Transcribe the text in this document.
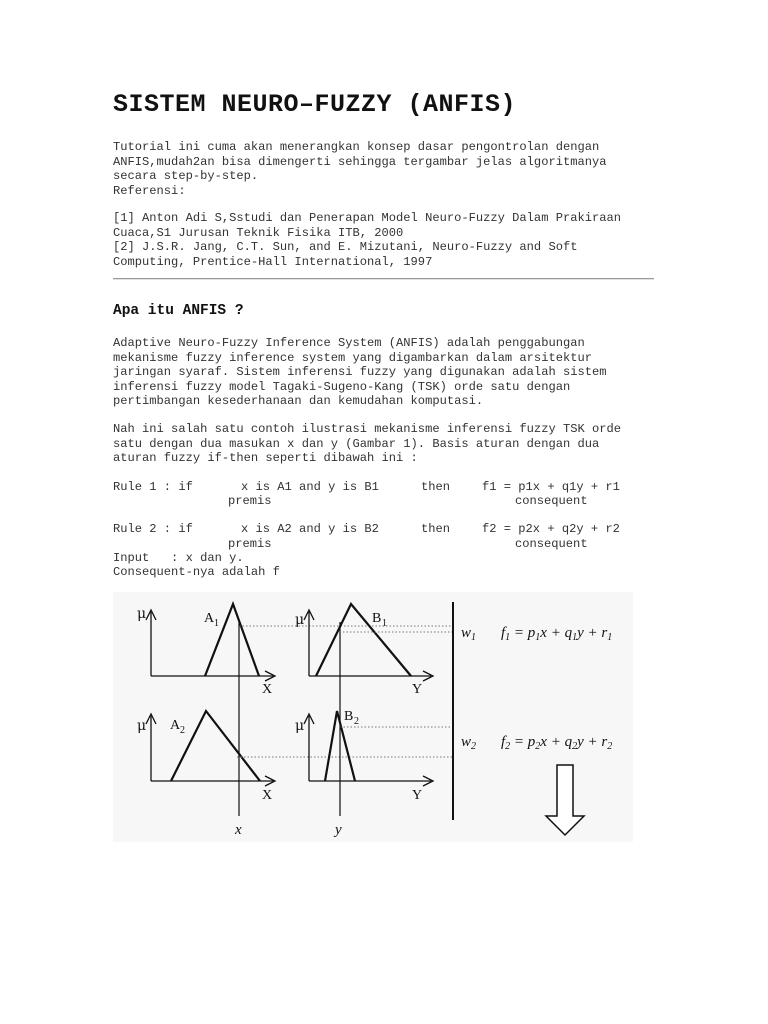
SISTEM NEURO–FUZZY (ANFIS)
Tutorial ini cuma akan menerangkan konsep dasar pengontrolan dengan
ANFIS,mudah2an bisa dimengerti sehingga tergambar jelas algoritmanya
secara step-by-step.
Referensi:
[1] Anton Adi S,Sstudi dan Penerapan Model Neuro-Fuzzy Dalam Prakiraan
Cuaca,S1 Jurusan Teknik Fisika ITB, 2000
[2] J.S.R. Jang, C.T. Sun, and E. Mizutani, Neuro-Fuzzy and Soft
Computing, Prentice-Hall International, 1997
Apa itu ANFIS ?
Adaptive Neuro-Fuzzy Inference System (ANFIS) adalah penggabungan
mekanisme fuzzy inference system yang digambarkan dalam arsitektur
jaringan syaraf. Sistem inferensi fuzzy yang digunakan adalah sistem
inferensi fuzzy model Tagaki-Sugeno-Kang (TSK) orde satu dengan
pertimbangan kesederhanaan dan kemudahan komputasi.
Nah ini salah satu contoh ilustrasi mekanisme inferensi fuzzy TSK orde
satu dengan dua masukan x dan y (Gambar 1). Basis aturan dengan dua
aturan fuzzy if-then seperti dibawah ini :
Rule 1 : if	x is A1 and y is B1	then	f1 = p1x + q1y + r1
premis	consequent
Rule 2 : if	x is A2 and y is B2	then	f2 = p2x + q2y + r2
premis	consequent
Input   : x dan y.
Consequent-nya adalah f
μ	A 1
X
μ	B 1
Y
μ A 2
X
μ
B 2
Y
x	y
$w_1$ $f_1 = p_1x + q_1y + r_1$
$w_2$ $f_2 = p_2x + q_2y + r_2$
